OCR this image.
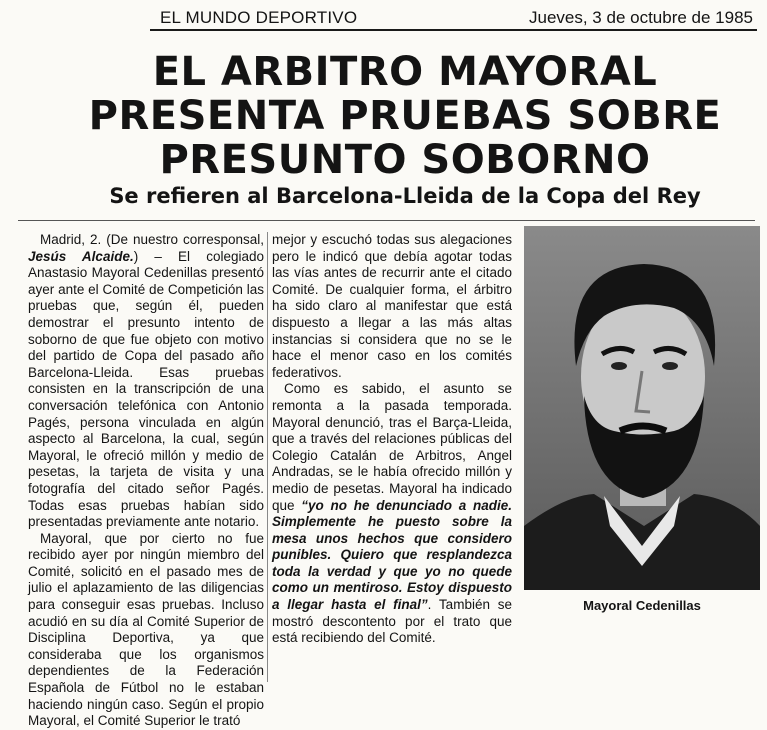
EL MUNDO DEPORTIVO	Jueves, 3 de octubre de 1985
EL ARBITRO MAYORAL
PRESENTA PRUEBAS SOBRE
PRESUNTO SOBORNO
Se refieren al Barcelona-Lleida de la Copa del Rey

Madrid, 2. (De nuestro corresponsal, Jesús Alcaide.) – El colegiado Anastasio Mayoral Cedenillas presentó ayer ante el Comité de Competición las pruebas que, según él, pueden demostrar el presunto intento de soborno de que fue objeto con motivo del partido de Copa del pasado año Barcelona-Lleida. Esas pruebas consisten en la transcripción de una conversación telefónica con Antonio Pagés, persona vinculada en algún aspecto al Barcelona, la cual, según Mayoral, le ofreció millón y medio de pesetas, la tarjeta de visita y una fotografía del citado señor Pagés. Todas esas pruebas habían sido presentadas previamente ante notario.

Mayoral, que por cierto no fue recibido ayer por ningún miembro del Comité, solicitó en el pasado mes de julio el aplazamiento de las diligencias para conseguir esas pruebas. Incluso acudió en su día al Comité Superior de Disciplina Deportiva, ya que consideraba que los organismos dependientes de la Federación Española de Fútbol no le estaban haciendo ningún caso. Según el propio Mayoral, el Comité Superior le trató

mejor y escuchó todas sus alegaciones pero le indicó que debía agotar todas las vías antes de recurrir ante el citado Comité. De cualquier forma, el árbitro ha sido claro al manifestar que está dispuesto a llegar a las más altas instancias si considera que no se le hace el menor caso en los comités federativos.

Como es sabido, el asunto se remonta a la pasada temporada. Mayoral denunció, tras el Barça-Lleida, que a través del relaciones públicas del Colegio Catalán de Arbitros, Angel Andradas, se le había ofrecido millón y medio de pesetas. Mayoral ha indicado que “yo no he denunciado a nadie. Simplemente he puesto sobre la mesa unos hechos que considero punibles. Quiero que resplandezca toda la verdad y que yo no quede como un mentiroso. Estoy dispuesto a llegar hasta el final”. También se mostró descontento por el trato que está recibiendo del Comité.

Mayoral Cedenillas
